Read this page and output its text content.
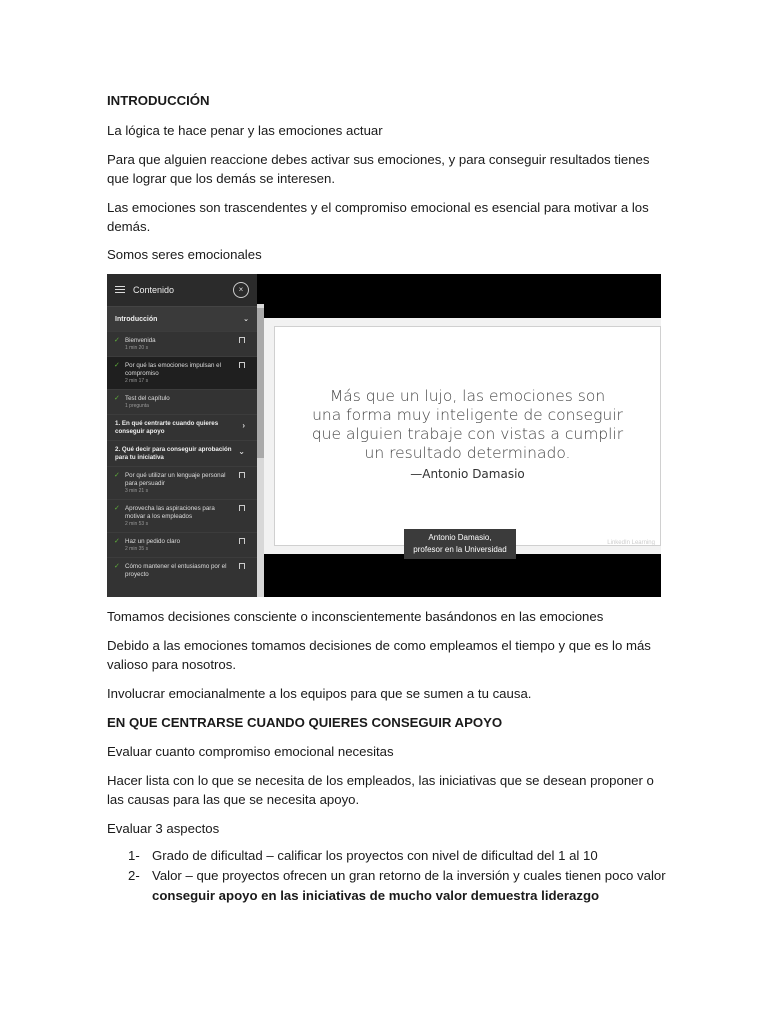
INTRODUCCIÓN

La lógica te hace penar y las emociones actuar

Para que alguien reaccione debes activar sus emociones, y para conseguir resultados tienes que lograr que los demás se interesen.

Las emociones son trascendentes y el compromiso emocional es esencial para motivar a los demás.

Somos seres emocionales

Tomamos decisiones consciente o inconscientemente basándonos en las emociones

Debido a las emociones tomamos decisiones de como empleamos el tiempo y que es lo más valioso para nosotros.

Involucrar emocianalmente a los equipos para que se sumen a tu causa.

EN QUE CENTRARSE CUANDO QUIERES CONSEGUIR APOYO

Evaluar cuanto compromiso emocional necesitas

Hacer lista con lo que se necesita de los empleados, las iniciativas que se desean proponer o las causas para las que se necesita apoyo.

Evaluar 3 aspectos

1- Grado de dificultad – calificar los proyectos con nivel de dificultad del 1 al 10
2- Valor – que proyectos ofrecen un gran retorno de la inversión y cuales tienen poco valor
conseguir apoyo en las iniciativas de mucho valor demuestra liderazgo
Contenido	×
Introducción	⌄
✓ Bienvenida
1 min 20 s
✓ Por qué las emociones impulsan el compromiso
2 min 17 s
✓ Test del capítulo
1 pregunta
1. En qué centrarte cuando quieres conseguir apoyo
›
2. Qué decir para conseguir aprobación para tu iniciativa
⌄
✓ Por qué utilizar un lenguaje personal para persuadir
3 min 21 s
✓ Aprovecha las aspiraciones para motivar a los empleados
2 min 53 s
✓ Haz un pedido claro
2 min 35 s
✓ Cómo mantener el entusiasmo por el proyecto
Más que un lujo, las emociones son
una forma muy inteligente de conseguir
que alguien trabaje con vistas a cumplir
un resultado determinado.
—Antonio Damasio
Antonio Damasio,
profesor en la Universidad
LinkedIn Learning
